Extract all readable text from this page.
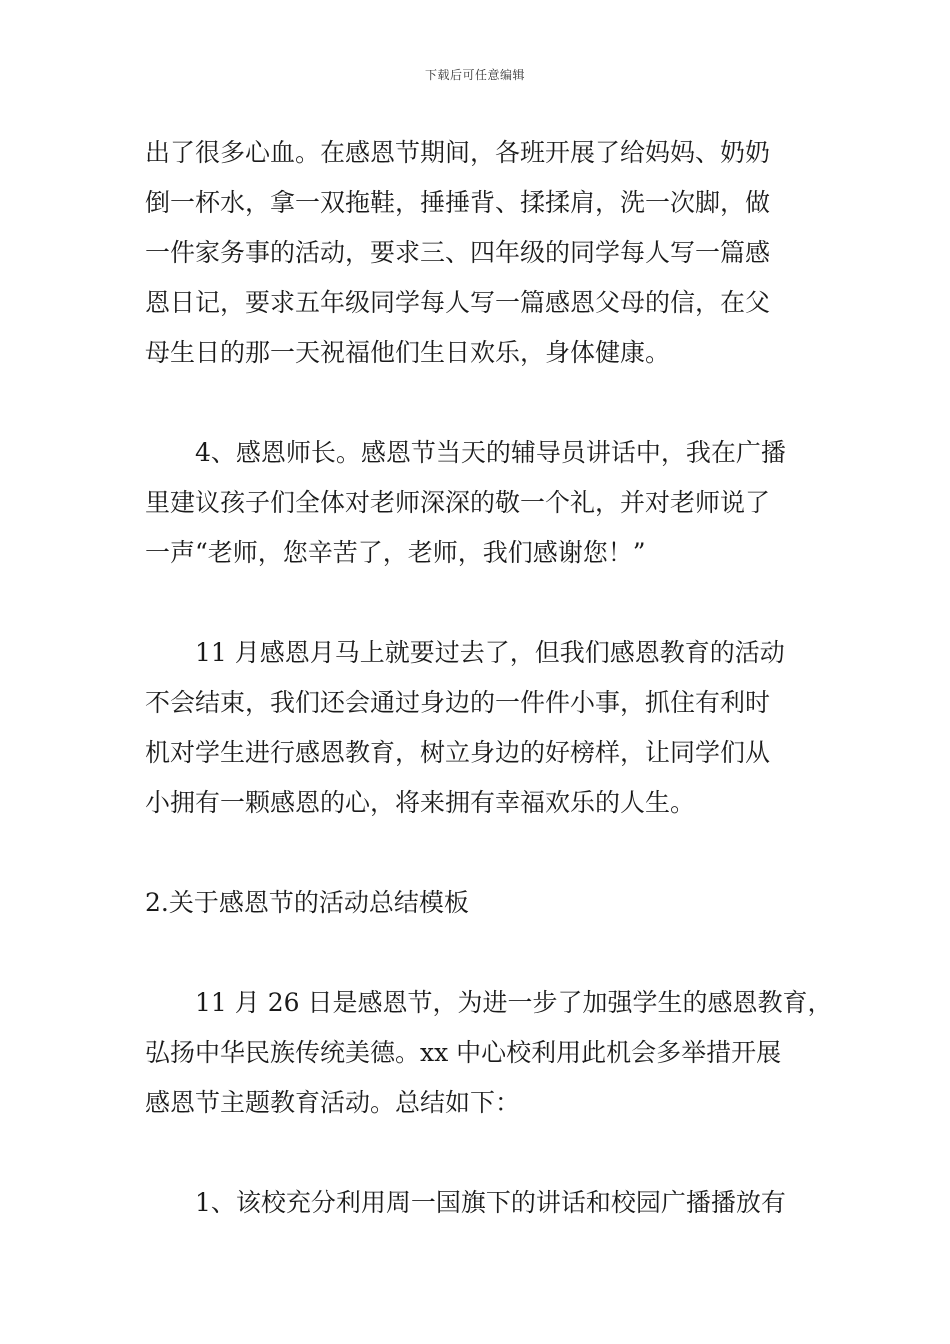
下载后可任意编辑
出了很多心血。在感恩节期间，各班开展了给妈妈、奶奶
倒一杯水，拿一双拖鞋，捶捶背、揉揉肩，洗一次脚，做
一件家务事的活动，要求三、四年级的同学每人写一篇感
恩日记，要求五年级同学每人写一篇感恩父母的信，在父
母生日的那一天祝福他们生日欢乐，身体健康。
4、感恩师长。感恩节当天的辅导员讲话中，我在广播
里建议孩子们全体对老师深深的敬一个礼，并对老师说了
一声“老师，您辛苦了，老师，我们感谢您！”
11 月感恩月马上就要过去了，但我们感恩教育的活动
不会结束，我们还会通过身边的一件件小事，抓住有利时
机对学生进行感恩教育，树立身边的好榜样，让同学们从
小拥有一颗感恩的心，将来拥有幸福欢乐的人生。
2.关于感恩节的活动总结模板
11 月 26 日是感恩节，为进一步了加强学生的感恩教育，
弘扬中华民族传统美德。xx 中心校利用此机会多举措开展
感恩节主题教育活动。总结如下：
1、该校充分利用周一国旗下的讲话和校园广播播放有
